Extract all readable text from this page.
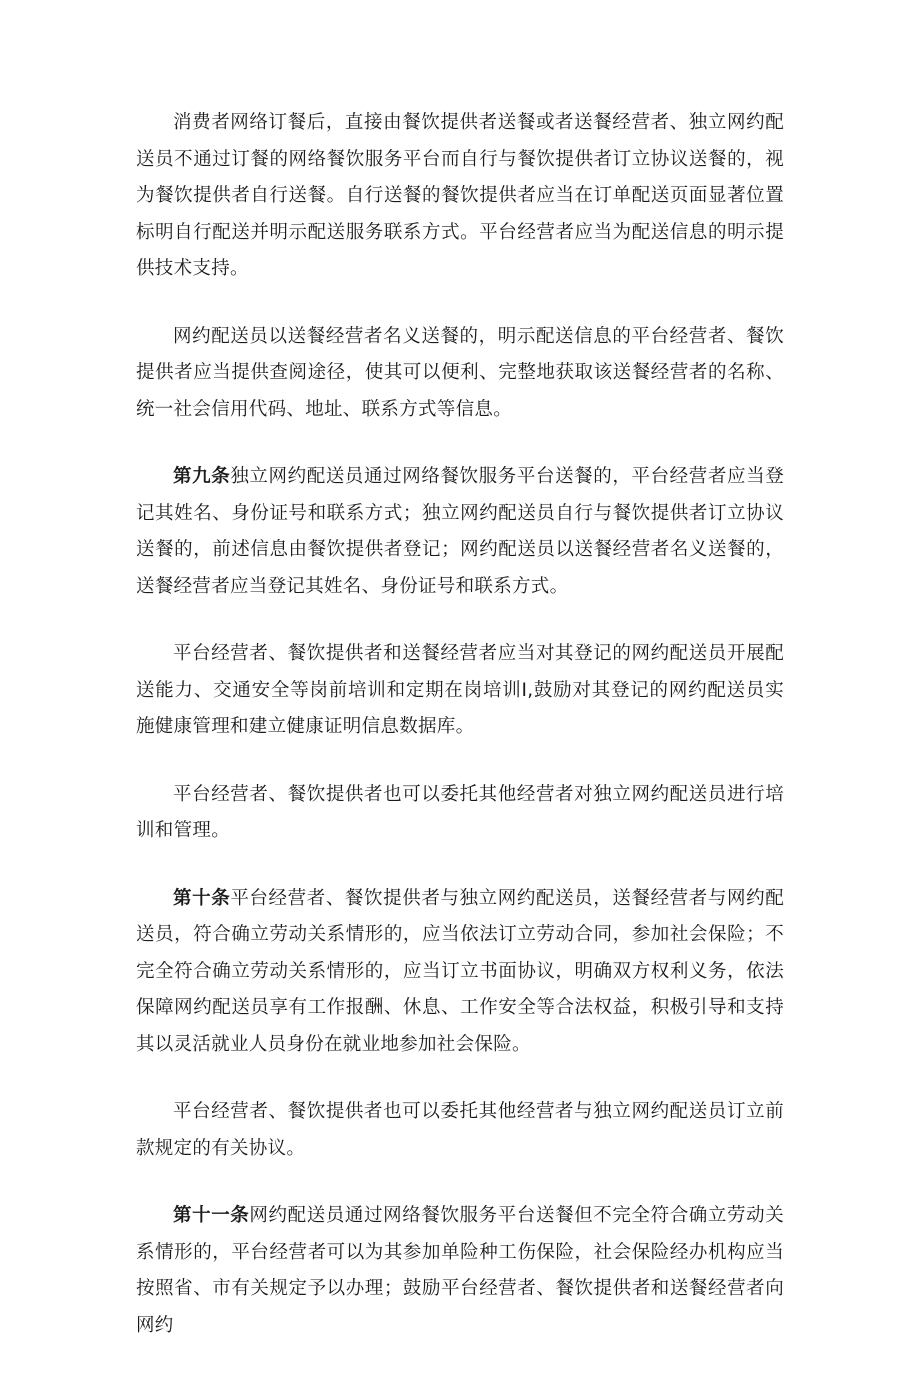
消费者网络订餐后，直接由餐饮提供者送餐或者送餐经营者、独立网约配送员不通过订餐的网络餐饮服务平台而自行与餐饮提供者订立协议送餐的，视为餐饮提供者自行送餐。自行送餐的餐饮提供者应当在订单配送页面显著位置标明自行配送并明示配送服务联系方式。平台经营者应当为配送信息的明示提供技术支持。

网约配送员以送餐经营者名义送餐的，明示配送信息的平台经营者、餐饮提供者应当提供查阅途径，使其可以便利、完整地获取该送餐经营者的名称、统一社会信用代码、地址、联系方式等信息。

第九条独立网约配送员通过网络餐饮服务平台送餐的，平台经营者应当登记其姓名、身份证号和联系方式；独立网约配送员自行与餐饮提供者订立协议送餐的，前述信息由餐饮提供者登记；网约配送员以送餐经营者名义送餐的，送餐经营者应当登记其姓名、身份证号和联系方式。

平台经营者、餐饮提供者和送餐经营者应当对其登记的网约配送员开展配送能力、交通安全等岗前培训和定期在岗培训I,鼓励对其登记的网约配送员实施健康管理和建立健康证明信息数据库。

平台经营者、餐饮提供者也可以委托其他经营者对独立网约配送员进行培训和管理。

第十条平台经营者、餐饮提供者与独立网约配送员，送餐经营者与网约配送员，符合确立劳动关系情形的，应当依法订立劳动合同，参加社会保险；不完全符合确立劳动关系情形的，应当订立书面协议，明确双方权利义务，依法保障网约配送员享有工作报酬、休息、工作安全等合法权益，积极引导和支持其以灵活就业人员身份在就业地参加社会保险。

平台经营者、餐饮提供者也可以委托其他经营者与独立网约配送员订立前款规定的有关协议。

第十一条网约配送员通过网络餐饮服务平台送餐但不完全符合确立劳动关系情形的，平台经营者可以为其参加单险种工伤保险，社会保险经办机构应当按照省、市有关规定予以办理；鼓励平台经营者、餐饮提供者和送餐经营者向网约
